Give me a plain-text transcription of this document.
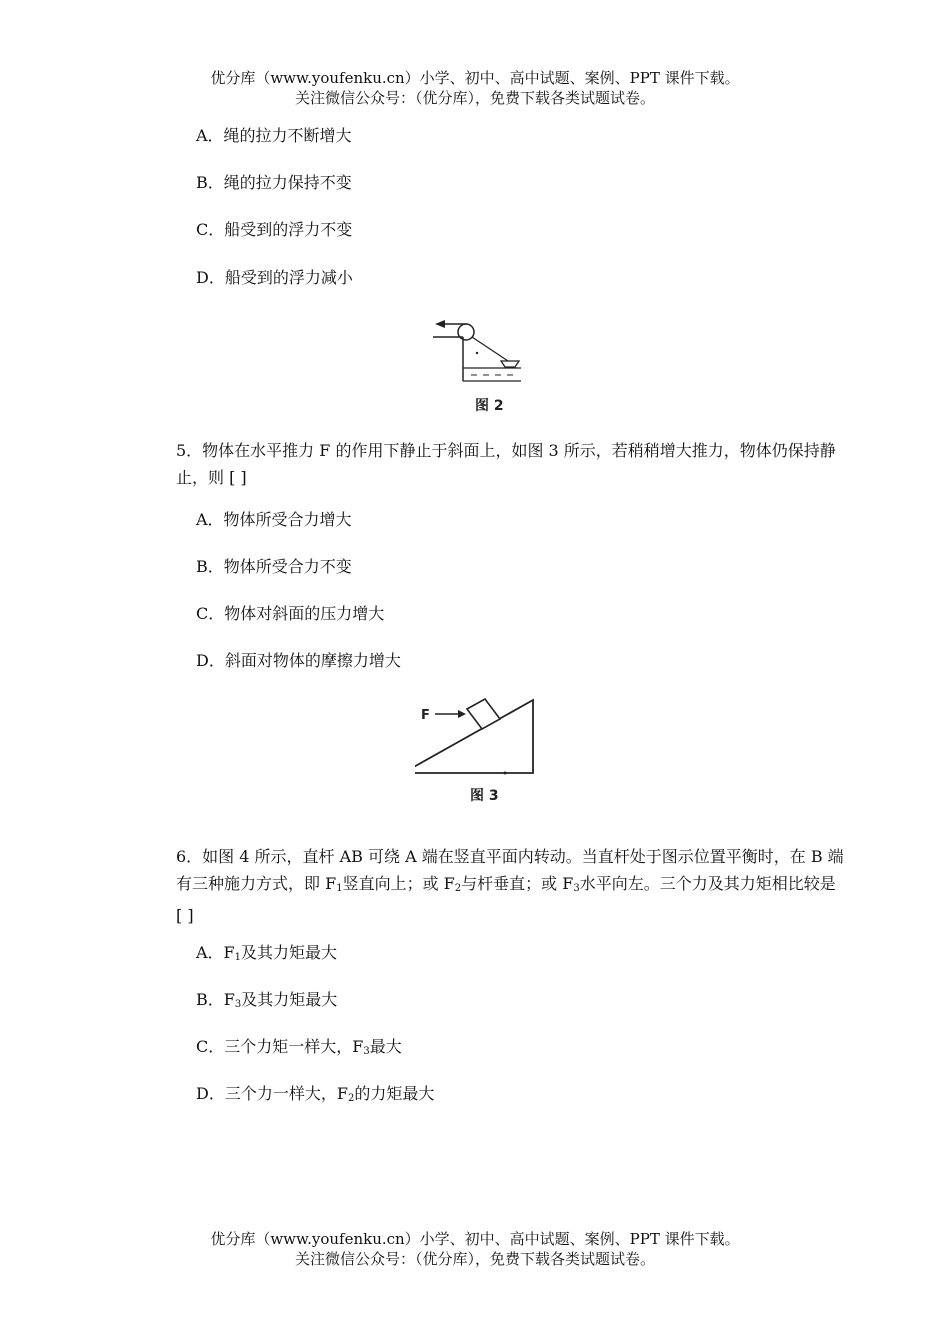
优分库（www.youfenku.cn）小学、初中、高中试题、案例、PPT 课件下载。
关注微信公众号：（优分库），免费下载各类试题试卷。
A．绳的拉力不断增大
B．绳的拉力保持不变
C．船受到的浮力不变
D．船受到的浮力减小
图 2
5．物体在水平推力 F 的作用下静止于斜面上，如图 3 所示，若稍稍增大推力，物体仍保持静止，则 [ ]
A．物体所受合力增大
B．物体所受合力不变
C．物体对斜面的压力增大
D．斜面对物体的摩擦力增大
F
图 3
6．如图 4 所示，直杆 AB 可绕 A 端在竖直平面内转动。当直杆处于图示位置平衡时，在 B 端有三种施力方式，即 $F_1$竖直向上；或 $F_2$与杆垂直；或 $F_3$水平向左。三个力及其力矩相比较是 [ ]
A．$F_1$及其力矩最大
B．$F_3$及其力矩最大
C．三个力矩一样大，$F_3$最大
D．三个力一样大，$F_2$的力矩最大
优分库（www.youfenku.cn）小学、初中、高中试题、案例、PPT 课件下载。
关注微信公众号：（优分库），免费下载各类试题试卷。
